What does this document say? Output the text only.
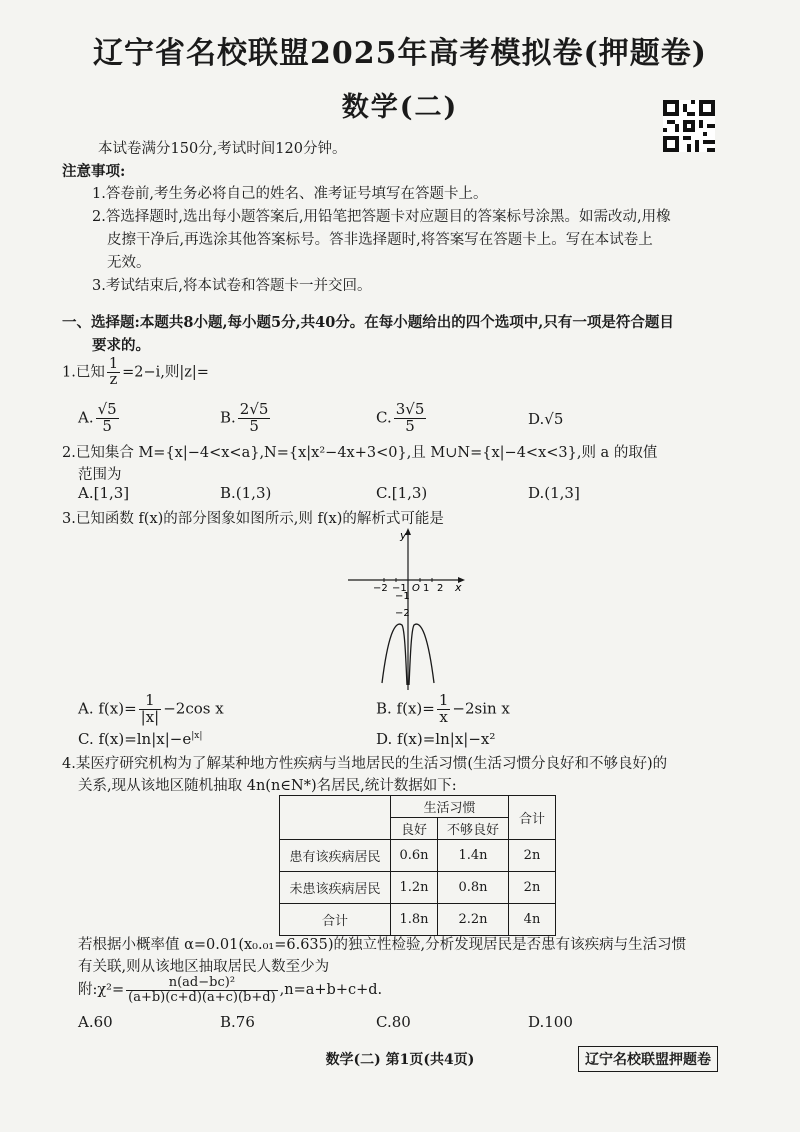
辽宁省名校联盟2025年高考模拟卷(押题卷)
数学(二)
本试卷满分150分,考试时间120分钟。
注意事项:
1.答卷前,考生务必将自己的姓名、准考证号填写在答题卡上。
2.答选择题时,选出每小题答案后,用铅笔把答题卡对应题目的答案标号涂黑。如需改动,用橡
皮擦干净后,再选涂其他答案标号。答非选择题时,将答案写在答题卡上。写在本试卷上
无效。
3.考试结束后,将本试卷和答题卡一并交回。
一、选择题:本题共8小题,每小题5分,共40分。在每小题给出的四个选项中,只有一项是符合题目
要求的。
1.已知 $\frac{1}{z} =2-i$,则|z|=
A. $\frac{√5}{5}$	B. $\frac{2√5}{5}$	C. $\frac{3√5}{5}$	D.√5
2.已知集合 M={x|−4<x<a},N={x|x²−4x+3<0},且 M∪N={x|−4<x<3},则 a 的取值
范围为
A.[1,3]	B.(1,3)	C.[1,3)	D.(1,3]
3.已知函数 f(x)的部分图象如图所示,则 f(x)的解析式可能是
y
x
−2 −1 O 1 2
−1
−2
A. $f(x)= \frac{1}{|x|} -2\cos$ x	B. $f(x)= \frac{1}{x} -2\sin$ x
C. $f(x)=\ln|x|-e^{|x|}$	D. f(x)=ln|x|−x²
4.某医疗研究机构为了解某种地方性疾病与当地居民的生活习惯(生活习惯分良好和不够良好)的
关系,现从该地区随机抽取 4n(n∈N*)名居民,统计数据如下:
	生活习惯		合计
	良好	不够良好	
患有该疾病居民	0.6n	1.4n	2n
未患该疾病居民	1.2n	0.8n	2n
合计	1.8n	2.2n	4n
若根据小概率值 α=0.01(x₀.₀₁=6.635)的独立性检验,分析发现居民是否患有该疾病与生活习惯
有关联,则从该地区抽取居民人数至少为
附:χ²= $\frac{\text{n(ad−bc)²}}{(a+b)(c+d)(a+c)(b+d)} ,n=a+b+c+d$.
A.60	B.76	C.80	D.100
数学(二) 第1页(共4页)	辽宁名校联盟押题卷
